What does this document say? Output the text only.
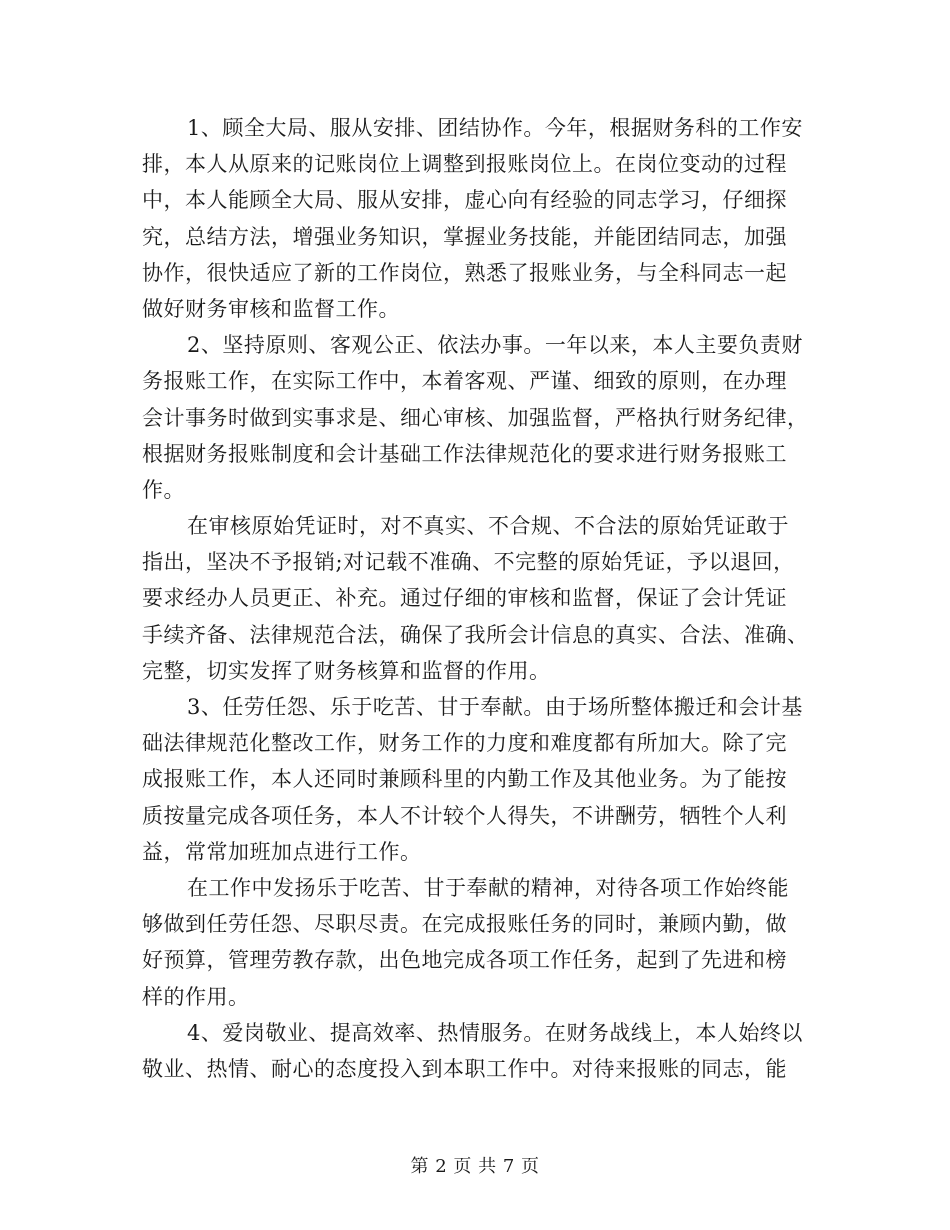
1、顾全大局、服从安排、团结协作。今年，根据财务科的工作安
排，本人从原来的记账岗位上调整到报账岗位上。在岗位变动的过程
中，本人能顾全大局、服从安排，虚心向有经验的同志学习，仔细探
究，总结方法，增强业务知识，掌握业务技能，并能团结同志，加强
协作，很快适应了新的工作岗位，熟悉了报账业务，与全科同志一起
做好财务审核和监督工作。
2、坚持原则、客观公正、依法办事。一年以来，本人主要负责财
务报账工作，在实际工作中，本着客观、严谨、细致的原则，在办理
会计事务时做到实事求是、细心审核、加强监督，严格执行财务纪律，
根据财务报账制度和会计基础工作法律规范化的要求进行财务报账工
作。
在审核原始凭证时，对不真实、不合规、不合法的原始凭证敢于
指出，坚决不予报销;对记载不准确、不完整的原始凭证，予以退回，
要求经办人员更正、补充。通过仔细的审核和监督，保证了会计凭证
手续齐备、法律规范合法，确保了我所会计信息的真实、合法、准确、
完整，切实发挥了财务核算和监督的作用。
3、任劳任怨、乐于吃苦、甘于奉献。由于场所整体搬迁和会计基
础法律规范化整改工作，财务工作的力度和难度都有所加大。除了完
成报账工作，本人还同时兼顾科里的内勤工作及其他业务。为了能按
质按量完成各项任务，本人不计较个人得失，不讲酬劳，牺牲个人利
益，常常加班加点进行工作。
在工作中发扬乐于吃苦、甘于奉献的精神，对待各项工作始终能
够做到任劳任怨、尽职尽责。在完成报账任务的同时，兼顾内勤，做
好预算，管理劳教存款，出色地完成各项工作任务，起到了先进和榜
样的作用。
4、爱岗敬业、提高效率、热情服务。在财务战线上，本人始终以
敬业、热情、耐心的态度投入到本职工作中。对待来报账的同志，能
第 2 页 共 7 页
